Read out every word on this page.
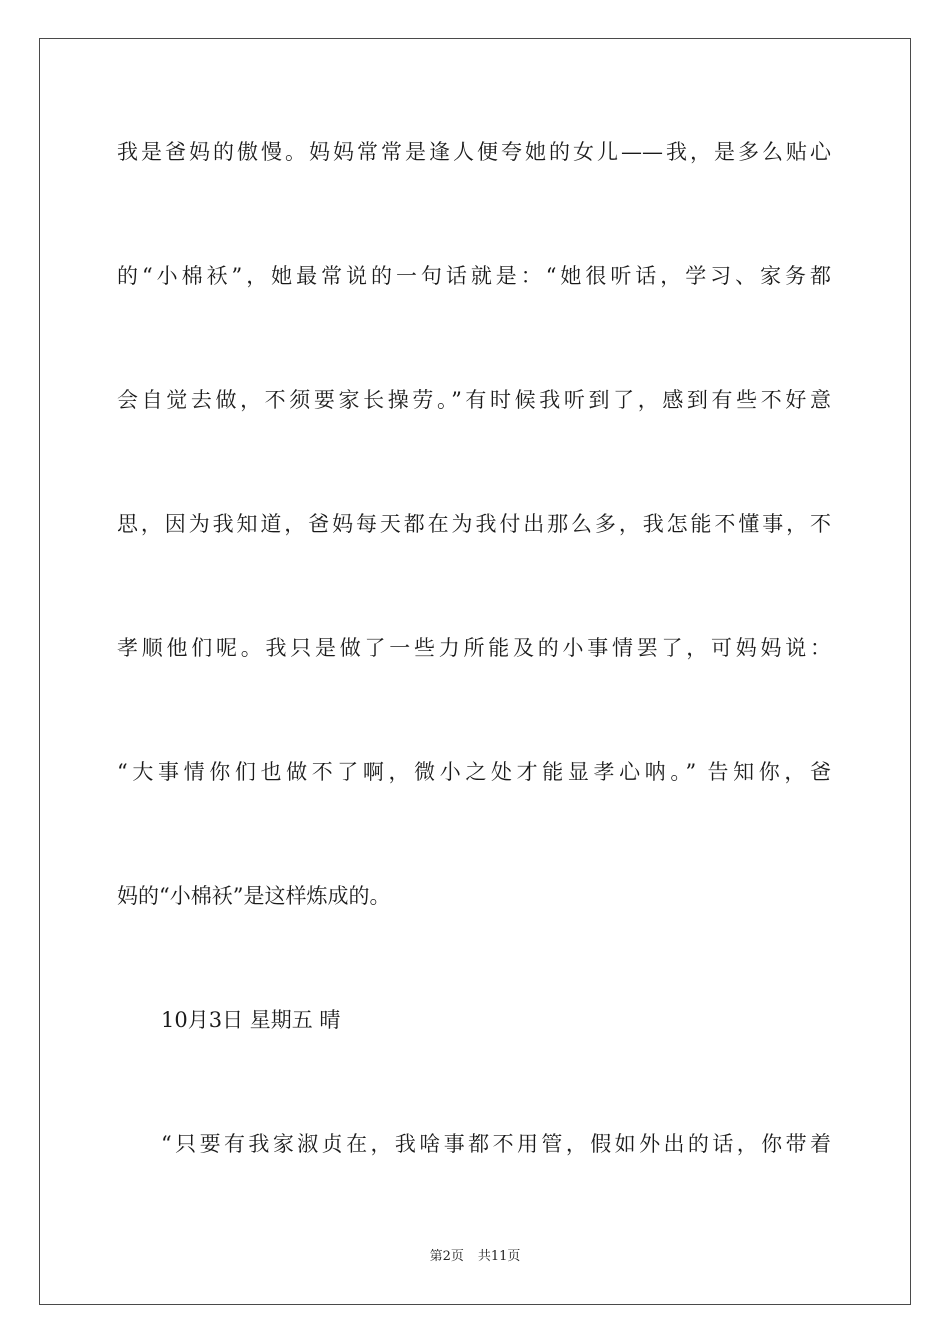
我是爸妈的傲慢。妈妈常常是逢人便夸她的女儿——我，是多么贴心
的“小棉袄”，她最常说的一句话就是：“她很听话，学习、家务都
会自觉去做，不须要家长操劳。”有时候我听到了，感到有些不好意
思，因为我知道，爸妈每天都在为我付出那么多，我怎能不懂事，不
孝顺他们呢。我只是做了一些力所能及的小事情罢了，可妈妈说：
“大事情你们也做不了啊，微小之处才能显孝心呐。” 告知你，爸
妈的“小棉袄”是这样炼成的。
10月3日 星期五 晴
“只要有我家淑贞在，我啥事都不用管，假如外出的话，你带着
第2页 共11页
